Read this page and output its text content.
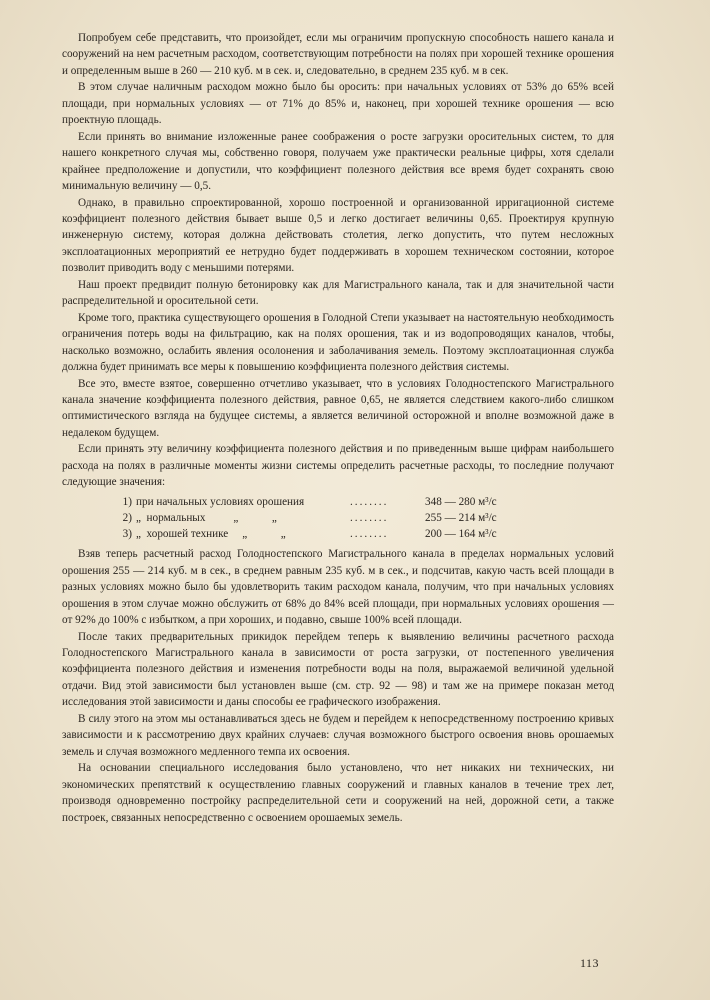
Попробуем себе представить, что произойдет, если мы ограничим пропускную способность нашего канала и сооружений на нем расчетным расходом, соответствующим потребности на полях при хорошей технике орошения и определенным выше в 260 — 210 куб. м в сек. и, следовательно, в среднем 235 куб. м в сек.

В этом случае наличным расходом можно было бы оросить: при начальных условиях от 53% до 65% всей площади, при нормальных условиях — от 71% до 85% и, наконец, при хорошей технике орошения — всю проектную площадь.

Если принять во внимание изложенные ранее соображения о росте загрузки оросительных систем, то для нашего конкретного случая мы, собственно говоря, получаем уже практически реальные цифры, хотя сделали крайнее предположение и допустили, что коэффициент полезного действия все время будет сохранять свою минимальную величину — 0,5.

Однако, в правильно спроектированной, хорошо построенной и организованной ирригационной системе коэффициент полезного действия бывает выше 0,5 и легко достигает величины 0,65. Проектируя крупную инженерную систему, которая должна действовать столетия, легко допустить, что путем несложных эксплоатационных мероприятий ее нетрудно будет поддерживать в хорошем техническом состоянии, которое позволит приводить воду с меньшими потерями.

Наш проект предвидит полную бетонировку как для Магистрального канала, так и для значительной части распределительной и оросительной сети.

Кроме того, практика существующего орошения в Голодной Степи указывает на настоятельную необходимость ограничения потерь воды на фильтрацию, как на полях орошения, так и из водопроводящих каналов, чтобы, насколько возможно, ослабить явления осолонения и заболачивания земель. Поэтому эксплоатационная служба должна будет принимать все меры к повышению коэффициента полезного действия системы.

Все это, вместе взятое, совершенно отчетливо указывает, что в условиях Голодностепского Магистрального канала значение коэффициента полезного действия, равное 0,65, не является следствием какого-либо слишком оптимистического взгляда на будущее системы, а является величиной осторожной и вполне возможной даже в недалеком будущем.

Если принять эту величину коэффициента полезного действия и по приведенным выше цифрам наибольшего расхода на полях в различные моменты жизни системы определить расчетные расходы, то последние получают следующие значения:

1) при начальных условиях орошения	........	348 — 280 м³/с
2) „  нормальных          „            „	........	255 — 214 м³/с
3) „  хорошей технике     „            „	........	200 — 164 м³/с

Взяв теперь расчетный расход Голодностепского Магистрального канала в пределах нормальных условий орошения 255 — 214 куб. м в сек., в среднем равным 235 куб. м в сек., и подсчитав, какую часть всей площади в разных условиях можно было бы удовлетворить таким расходом канала, получим, что при начальных условиях орошения в этом случае можно обслужить от 68% до 84% всей площади, при нормальных условиях орошения — от 92% до 100% с избытком, а при хороших, и подавно, свыше 100% всей площади.

После таких предварительных прикидок перейдем теперь к выявлению величины расчетного расхода Голодностепского Магистрального канала в зависимости от роста загрузки, от постепенного увеличения коэффициента полезного действия и изменения потребности воды на поля, выражаемой величиной удельной отдачи. Вид этой зависимости был установлен выше (см. стр. 92 — 98) и там же на примере показан метод исследования этой зависимости и даны способы ее графического изображения.

В силу этого на этом мы останавливаться здесь не будем и перейдем к непосредственному построению кривых зависимости и к рассмотрению двух крайних случаев: случая возможного быстрого освоения вновь орошаемых земель и случая возможного медленного темпа их освоения.

На основании специального исследования было установлено, что нет никаких ни технических, ни экономических препятствий к осуществлению главных сооружений и главных каналов в течение трех лет, производя одновременно постройку распределительной сети и сооружений на ней, дорожной сети, а также построек, связанных непосредственно с освоением орошаемых земель.

113
